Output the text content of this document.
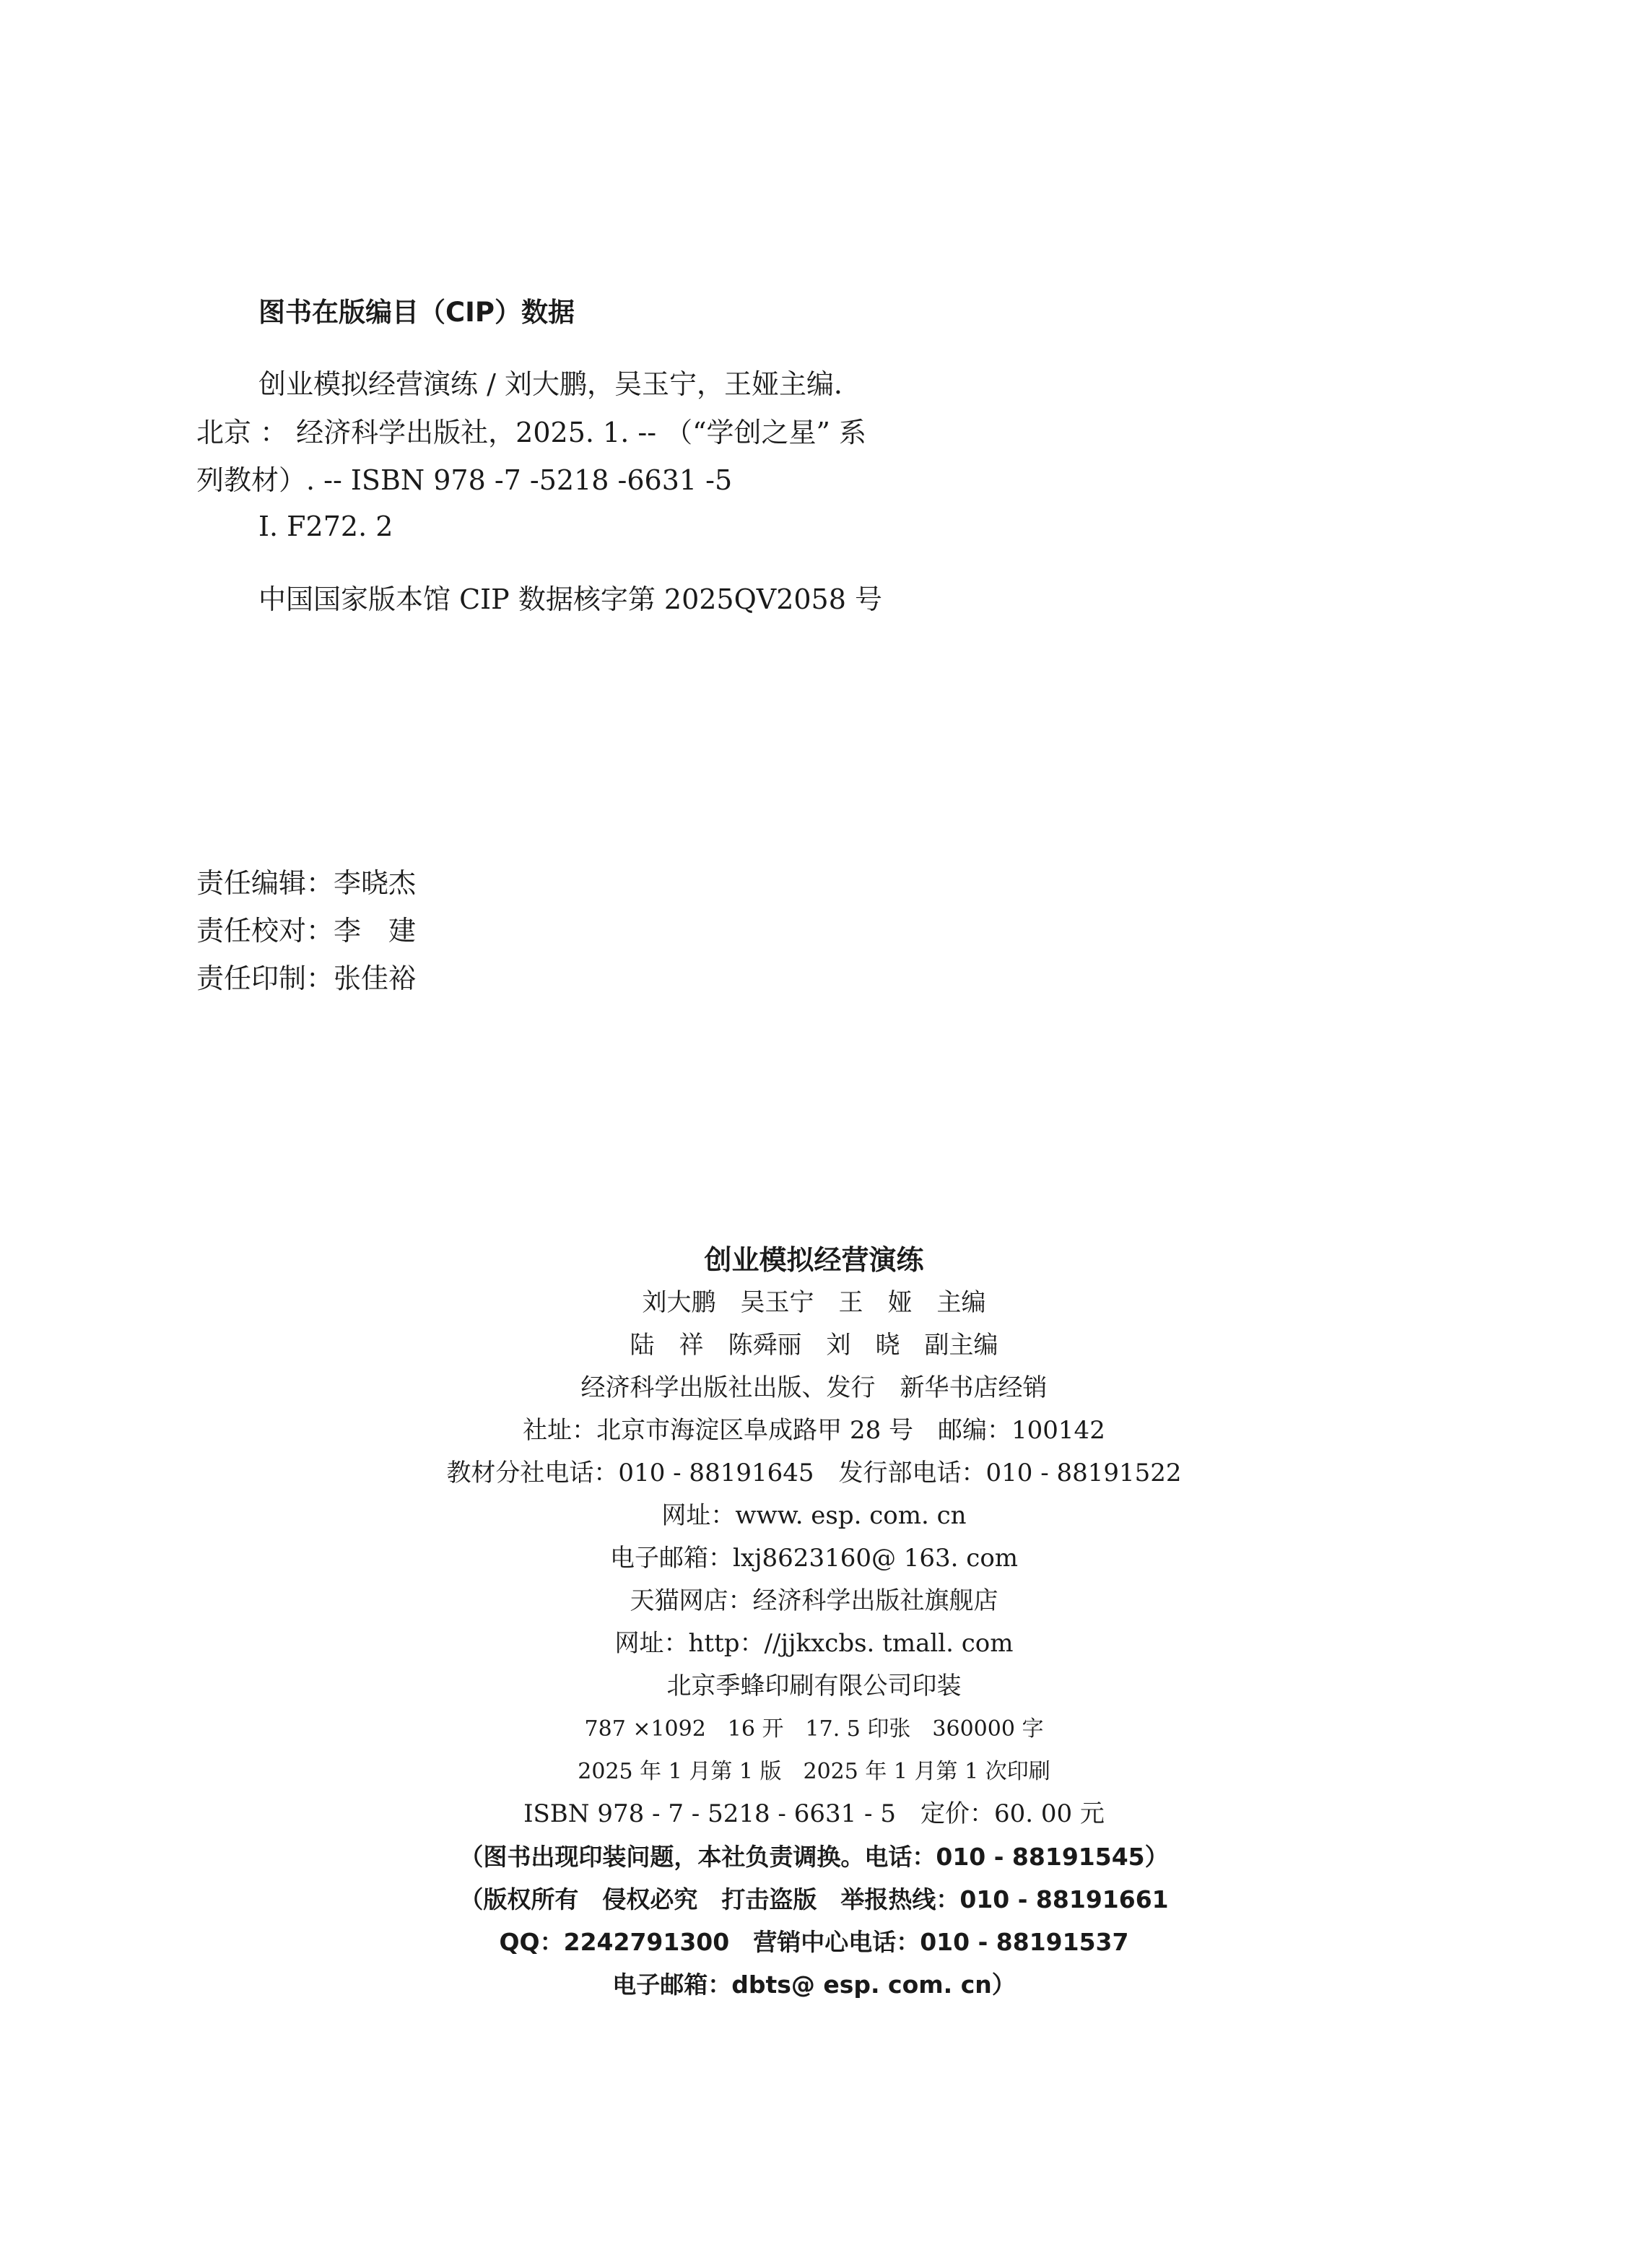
图书在版编目（CIP）数据
创业模拟经营演练 / 刘大鹏，吴玉宁，王娅主编．
北京 ： 经济科学出版社，2025. 1. -- （“学创之星” 系
列教材）. -- ISBN 978 -7 -5218 -6631 -5
Ⅰ. F272. 2
中国国家版本馆 CIP 数据核字第 2025QV2058 号
责任编辑：李晓杰
责任校对：李　建
责任印制：张佳裕
创业模拟经营演练
刘大鹏　吴玉宁　王　娅　主编
陆　祥　陈舜丽　刘　晓　副主编
经济科学出版社出版、发行　新华书店经销
社址：北京市海淀区阜成路甲 28 号　邮编：100142
教材分社电话：010 - 88191645　发行部电话：010 - 88191522
网址：www. esp. com. cn
电子邮箱：lxj8623160@ 163. com
天猫网店：经济科学出版社旗舰店
网址：http：//jjkxcbs. tmall. com
北京季蜂印刷有限公司印装
787 ×1092　16 开　17. 5 印张　360000 字
2025 年 1 月第 1 版　2025 年 1 月第 1 次印刷
ISBN 978 - 7 - 5218 - 6631 - 5　定价：60. 00 元
（图书出现印装问题，本社负责调换。电话：010 - 88191545）
（版权所有　侵权必究　打击盗版　举报热线：010 - 88191661
QQ：2242791300　营销中心电话：010 - 88191537
电子邮箱：dbts@ esp. com. cn）
